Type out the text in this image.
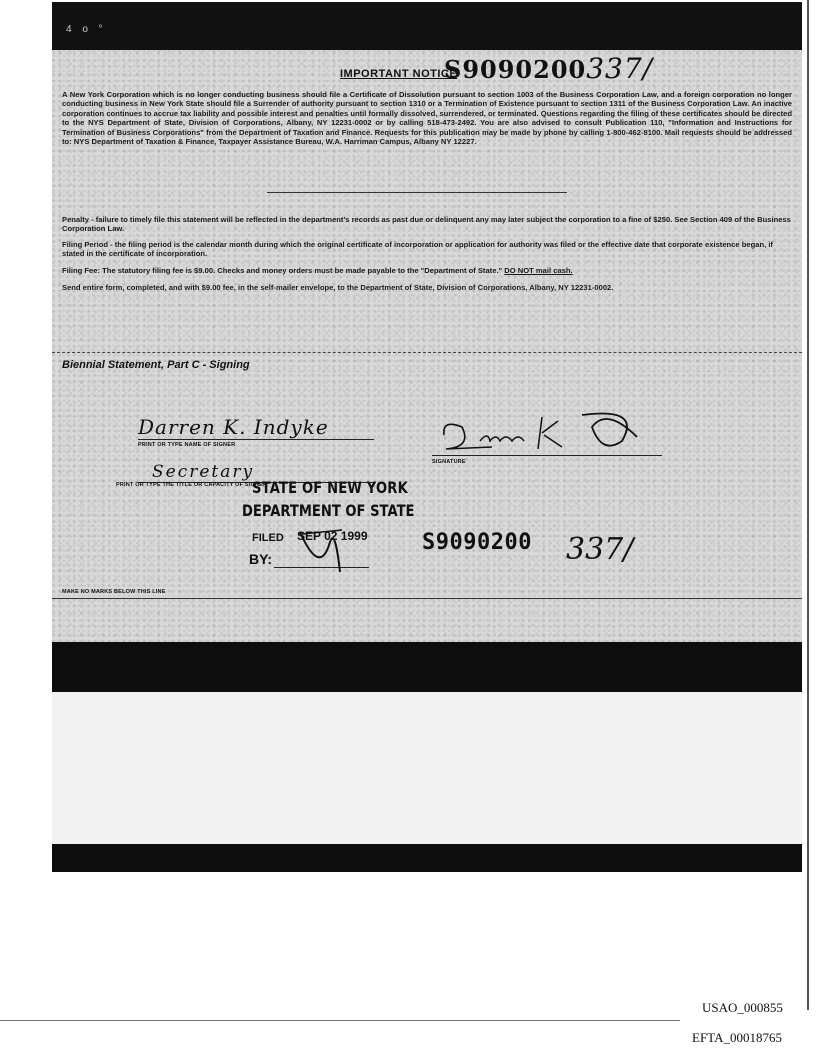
4 o °
S9090200337/
IMPORTANT NOTICE
A New York Corporation which is no longer conducting business should file a Certificate of Dissolution pursuant to section 1003 of the Business Corporation Law, and a foreign corporation no longer conducting business in New York State should file a Surrender of authority pursuant to section 1310 or a Termination of Existence pursuant to section 1311 of the Business Corporation Law. An inactive corporation continues to accrue tax liability and possible interest and penalties until formally dissolved, surrendered, or terminated. Questions regarding the filing of these certificates should be directed to the NYS Department of State, Division of Corporations, Albany, NY 12231-0002 or by calling 518-473-2492. You are also advised to consult Publication 110, "Information and Instructions for Termination of Business Corporations" from the Department of Taxation and Finance. Requests for this publication may be made by phone by calling 1-800-462-8100. Mail requests should be addressed to: NYS Department of Taxation & Finance, Taxpayer Assistance Bureau, W.A. Harriman Campus, Albany NY 12227.
Penalty - failure to timely file this statement will be reflected in the department's records as past due or delinquent any may later subject the corporation to a fine of $250. See Section 409 of the Business Corporation Law.
Filing Period - the filing period is the calendar month during which the original certificate of incorporation or application for authority was filed or the effective date that corporate existence began, if stated in the certificate of incorporation.
Filing Fee: The statutory filing fee is $9.00. Checks and money orders must be made payable to the "Department of State." DO NOT mail cash.
Send entire form, completed, and with $9.00 fee, in the self-mailer envelope, to the Department of State, Division of Corporations, Albany, NY 12231-0002.
Biennial Statement, Part C - Signing
Darren K. Indyke
PRINT OR TYPE NAME OF SIGNER
SIGNATURE
Secretary
PRINT OR TYPE THE TITLE OR CAPACITY OF SIGNER
STATE OF NEW YORK
DEPARTMENT OF STATE
FILED SEP 02 1999
BY:
S9090200 337/
MAKE NO MARKS BELOW THIS LINE
USAO_000855
EFTA_00018765
